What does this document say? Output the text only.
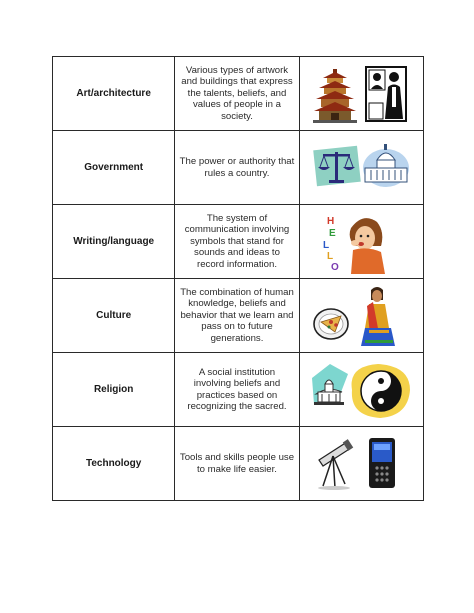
Art/architecture	Various types of artwork and buildings that express the talents, beliefs, and values of people in a society.	

Government	The power or authority that rules a country.	

Writing/language	The system of communication involving symbols that stand for sounds and ideas to record information.	H
E
L
L
O

Culture	The combination of human knowledge, beliefs and behavior that we learn and pass on to future generations.	

Religion	A social institution involving beliefs and practices based on recognizing the sacred.	

Technology	Tools and skills people use to make life easier.	
